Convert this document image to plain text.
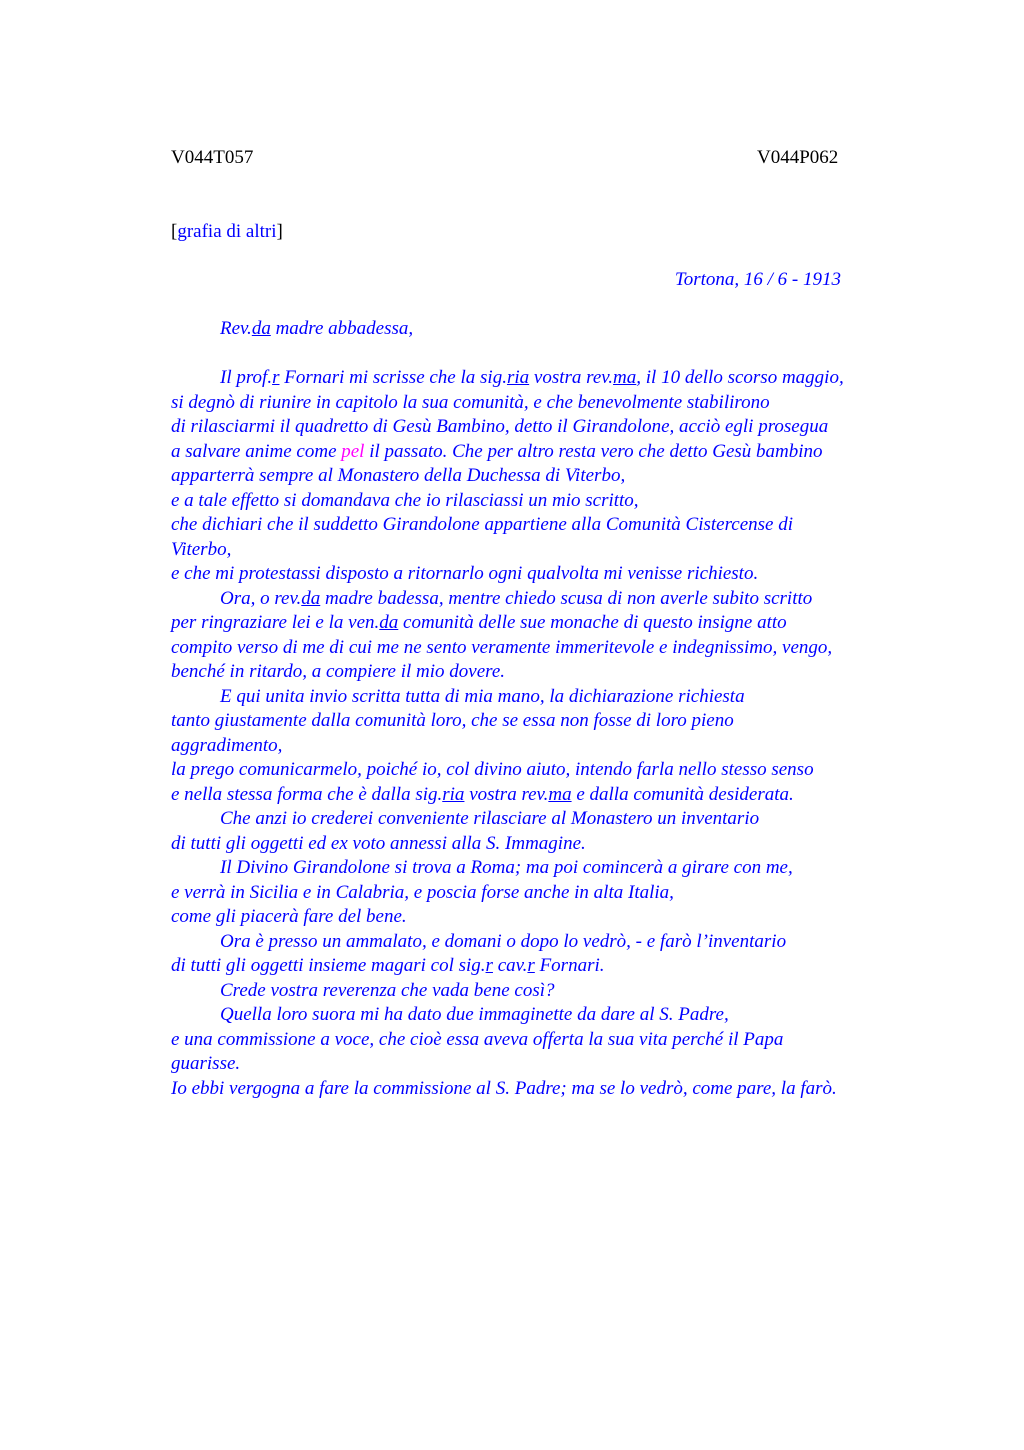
V044T057	V044P062
[grafia di altri]
Tortona, 16 / 6 - 1913
Rev.da madre abbadessa,
Il prof.r Fornari mi scrisse che la sig.ria vostra rev.ma, il 10 dello scorso maggio,
si degnò di riunire in capitolo la sua comunità, e che benevolmente stabilirono
di rilasciarmi il quadretto di Gesù Bambino, detto il Girandolone, acciò egli prosegua
a salvare anime come pel il passato. Che per altro resta vero che detto Gesù bambino
apparterrà sempre al Monastero della Duchessa di Viterbo,
e a tale effetto si domandava che io rilasciassi un mio scritto,
che dichiari che il suddetto Girandolone appartiene alla Comunità Cistercense di
Viterbo,
e che mi protestassi disposto a ritornarlo ogni qualvolta mi venisse richiesto.
Ora, o rev.da madre badessa, mentre chiedo scusa di non averle subito scritto
per ringraziare lei e la ven.da comunità delle sue monache di questo insigne atto
compito verso di me di cui me ne sento veramente immeritevole e indegnissimo, vengo,
benché in ritardo, a compiere il mio dovere.
E qui unita invio scritta tutta di mia mano, la dichiarazione richiesta
tanto giustamente dalla comunità loro, che se essa non fosse di loro pieno
aggradimento,
la prego comunicarmelo, poiché io, col divino aiuto, intendo farla nello stesso senso
e nella stessa forma che è dalla sig.ria vostra rev.ma e dalla comunità desiderata.
Che anzi io crederei conveniente rilasciare al Monastero un inventario
di tutti gli oggetti ed ex voto annessi alla S. Immagine.
Il Divino Girandolone si trova a Roma; ma poi comincerà a girare con me,
e verrà in Sicilia e in Calabria, e poscia forse anche in alta Italia,
come gli piacerà fare del bene.
Ora è presso un ammalato, e domani o dopo lo vedrò, - e farò l’inventario
di tutti gli oggetti insieme magari col sig.r cav.r Fornari.
Crede vostra reverenza che vada bene così?
Quella loro suora mi ha dato due immaginette da dare al S. Padre,
e una commissione a voce, che cioè essa aveva offerta la sua vita perché il Papa
guarisse.
Io ebbi vergogna a fare la commissione al S. Padre; ma se lo vedrò, come pare, la farò.
